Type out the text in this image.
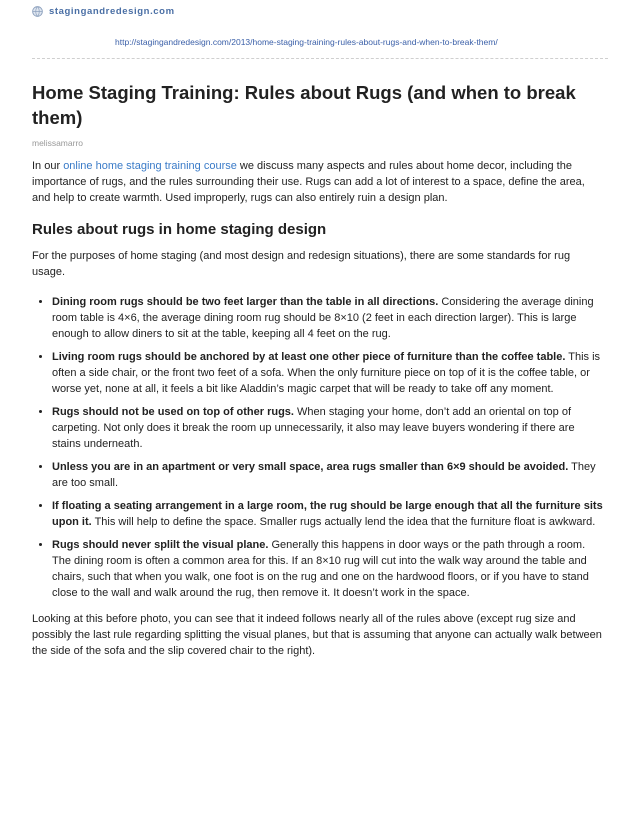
stagingandredesign.com
http://stagingandredesign.com/2013/home-staging-training-rules-about-rugs-and-when-to-break-them/
Home Staging Training: Rules about Rugs (and when to break them)
melissamarro

In our online home staging training course we discuss many aspects and rules about home decor, including the importance of rugs, and the rules surrounding their use. Rugs can add a lot of interest to a space, define the area, and help to create warmth. Used improperly, rugs can also entirely ruin a design plan.

Rules about rugs in home staging design

For the purposes of home staging (and most design and redesign situations), there are some standards for rug usage.

• Dining room rugs should be two feet larger than the table in all directions. Considering the average dining room table is 4×6, the average dining room rug should be 8×10 (2 feet in each direction larger). This is large enough to allow diners to sit at the table, keeping all 4 feet on the rug.
• Living room rugs should be anchored by at least one other piece of furniture than the coffee table. This is often a side chair, or the front two feet of a sofa. When the only furniture piece on top of it is the coffee table, or worse yet, none at all, it feels a bit like Aladdin’s magic carpet that will be ready to take off any moment.
• Rugs should not be used on top of other rugs. When staging your home, don’t add an oriental on top of carpeting. Not only does it break the room up unnecessarily, it also may leave buyers wondering if there are stains underneath.
• Unless you are in an apartment or very small space, area rugs smaller than 6×9 should be avoided. They are too small.
• If floating a seating arrangement in a large room, the rug should be large enough that all the furniture sits upon it. This will help to define the space. Smaller rugs actually lend the idea that the furniture float is awkward.
• Rugs should never splilt the visual plane. Generally this happens in door ways or the path through a room. The dining room is often a common area for this. If an 8×10 rug will cut into the walk way around the table and chairs, such that when you walk, one foot is on the rug and one on the hardwood floors, or if you have to stand close to the wall and walk around the rug, then remove it. It doesn’t work in the space.

Looking at this before photo, you can see that it indeed follows nearly all of the rules above (except rug size and possibly the last rule regarding splitting the visual planes, but that is assuming that anyone can actually walk between the side of the sofa and the slip covered chair to the right).
